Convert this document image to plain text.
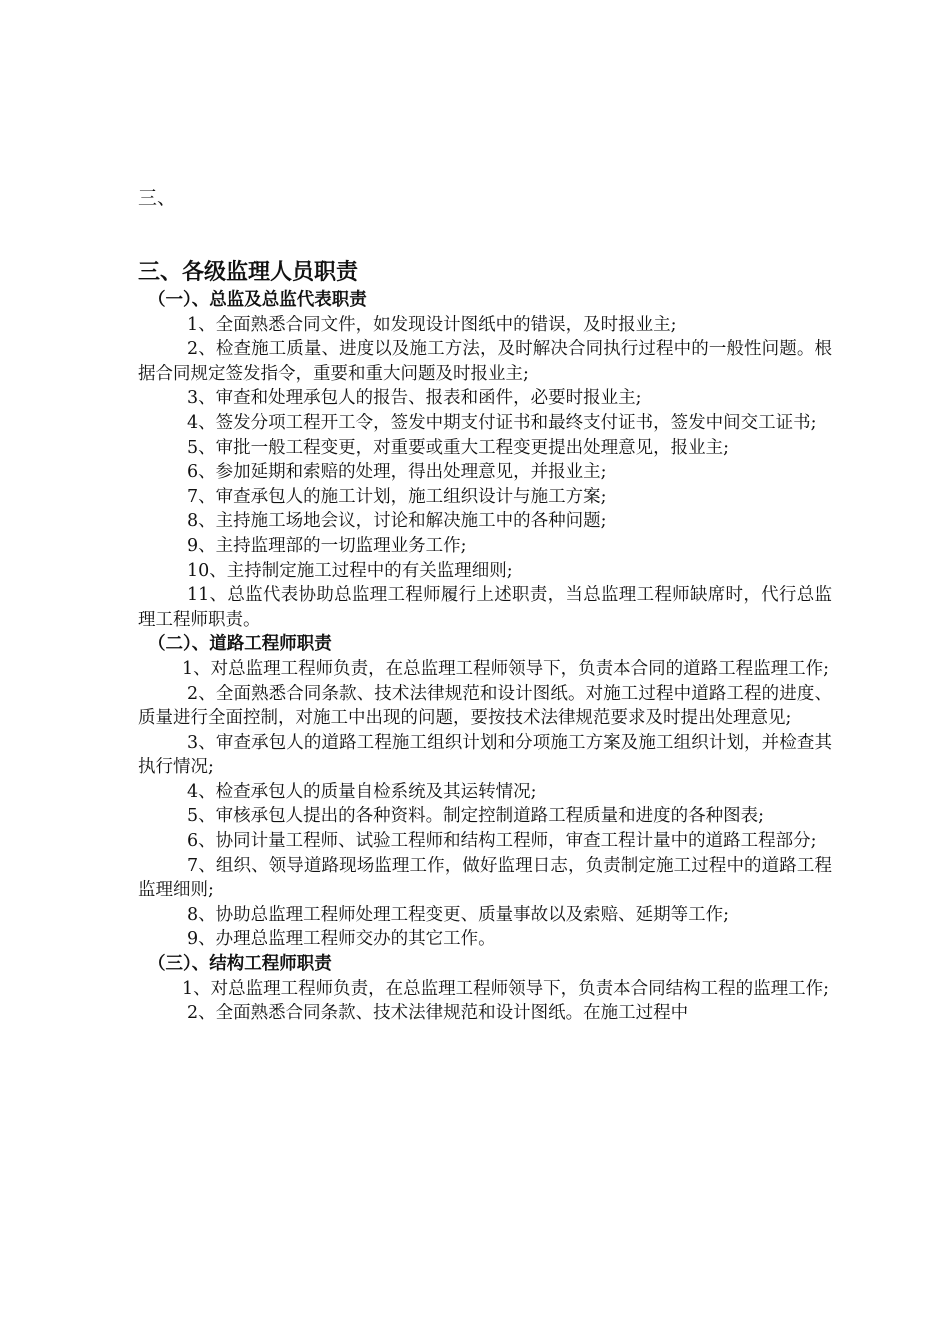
三、
三、各级监理人员职责
（一）、总监及总监代表职责

1、全面熟悉合同文件，如发现设计图纸中的错误，及时报业主;

2、检查施工质量、进度以及施工方法，及时解决合同执行过程中的一般性问题。根据合同规定签发指令，重要和重大问题及时报业主;

3、审查和处理承包人的报告、报表和函件，必要时报业主;

4、签发分项工程开工令，签发中期支付证书和最终支付证书，签发中间交工证书;

5、审批一般工程变更，对重要或重大工程变更提出处理意见，报业主;

6、参加延期和索赔的处理，得出处理意见，并报业主;

7、审查承包人的施工计划，施工组织设计与施工方案;

8、主持施工场地会议，讨论和解决施工中的各种问题;

9、主持监理部的一切监理业务工作;

10、主持制定施工过程中的有关监理细则;

11、总监代表协助总监理工程师履行上述职责，当总监理工程师缺席时，代行总监理工程师职责。

（二）、道路工程师职责

1、对总监理工程师负责，在总监理工程师领导下，负责本合同的道路工程监理工作;

2、全面熟悉合同条款、技术法律规范和设计图纸。对施工过程中道路工程的进度、质量进行全面控制，对施工中出现的问题，要按技术法律规范要求及时提出处理意见;

3、审查承包人的道路工程施工组织计划和分项施工方案及施工组织计划，并检查其执行情况;

4、检查承包人的质量自检系统及其运转情况;

5、审核承包人提出的各种资料。制定控制道路工程质量和进度的各种图表;

6、协同计量工程师、试验工程师和结构工程师，审查工程计量中的道路工程部分;

7、组织、领导道路现场监理工作，做好监理日志，负责制定施工过程中的道路工程监理细则;

8、协助总监理工程师处理工程变更、质量事故以及索赔、延期等工作;

9、办理总监理工程师交办的其它工作。

（三）、结构工程师职责

1、对总监理工程师负责，在总监理工程师领导下，负责本合同结构工程的监理工作;

2、全面熟悉合同条款、技术法律规范和设计图纸。在施工过程中
